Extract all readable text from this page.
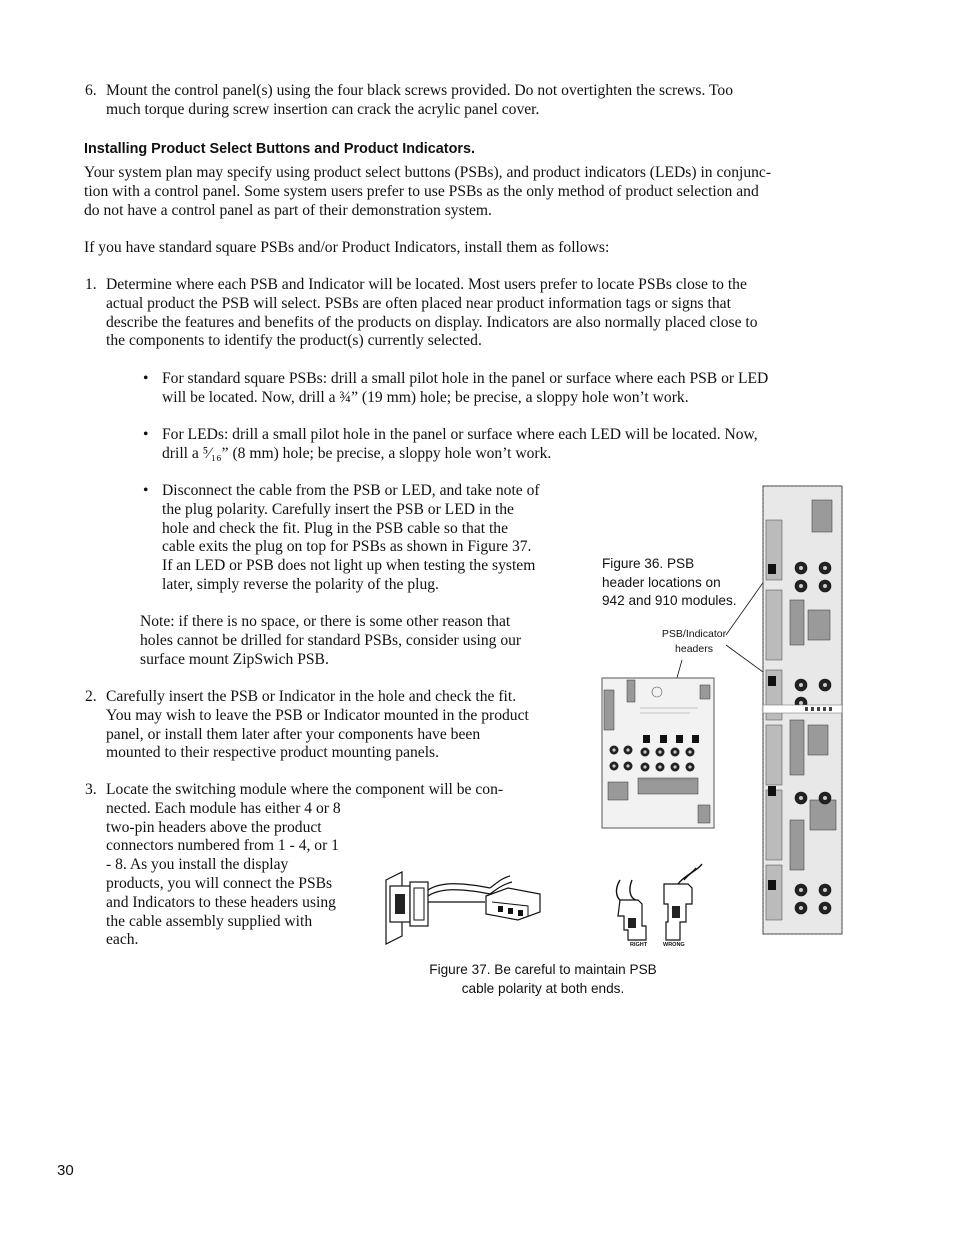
6. Mount the control panel(s) using the four black screws provided. Do not overtighten the screws. Too
much torque during screw insertion can crack the acrylic panel cover.
Installing Product Select Buttons and Product Indicators.
Your system plan may specify using product select buttons (PSBs), and product indicators (LEDs) in conjunc-
tion with a control panel. Some system users prefer to use PSBs as the only method of product selection and
do not have a control panel as part of their demonstration system.
If you have standard square PSBs and/or Product Indicators, install them as follows:
1. Determine where each PSB and Indicator will be located. Most users prefer to locate PSBs close to the
actual product the PSB will select. PSBs are often placed near product information tags or signs that
describe the features and benefits of the products on display. Indicators are also normally placed close to
the components to identify the product(s) currently selected.
• For standard square PSBs: drill a small pilot hole in the panel or surface where each PSB or LED
will be located. Now, drill a ¾” (19 mm) hole; be precise, a sloppy hole won’t work.
• For LEDs: drill a small pilot hole in the panel or surface where each LED will be located. Now,
drill a ⁵⁄₁₆” (8 mm) hole; be precise, a sloppy hole won’t work.
• Disconnect the cable from the PSB or LED, and take note of
the plug polarity. Carefully insert the PSB or LED in the
hole and check the fit. Plug in the PSB cable so that the
cable exits the plug on top for PSBs as shown in Figure 37.
If an LED or PSB does not light up when testing the system
later, simply reverse the polarity of the plug.
Note: if there is no space, or there is some other reason that
holes cannot be drilled for standard PSBs, consider using our
surface mount ZipSwich PSB.
2. Carefully insert the PSB or Indicator in the hole and check the fit.
You may wish to leave the PSB or Indicator mounted in the product
panel, or install them later after your components have been
mounted to their respective product mounting panels.
3. Locate the switching module where the component will be con-
nected. Each module has either 4 or 8
two-pin headers above the product
connectors numbered from 1 - 4, or 1
- 8. As you install the display
products, you will connect the PSBs
and Indicators to these headers using
the cable assembly supplied with
each.
Figure 36. PSB
header locations on
942 and 910 modules.
PSB/Indicator
headers
RIGHT	WRONG
Figure 37. Be careful to maintain PSB
cable polarity at both ends.
30
